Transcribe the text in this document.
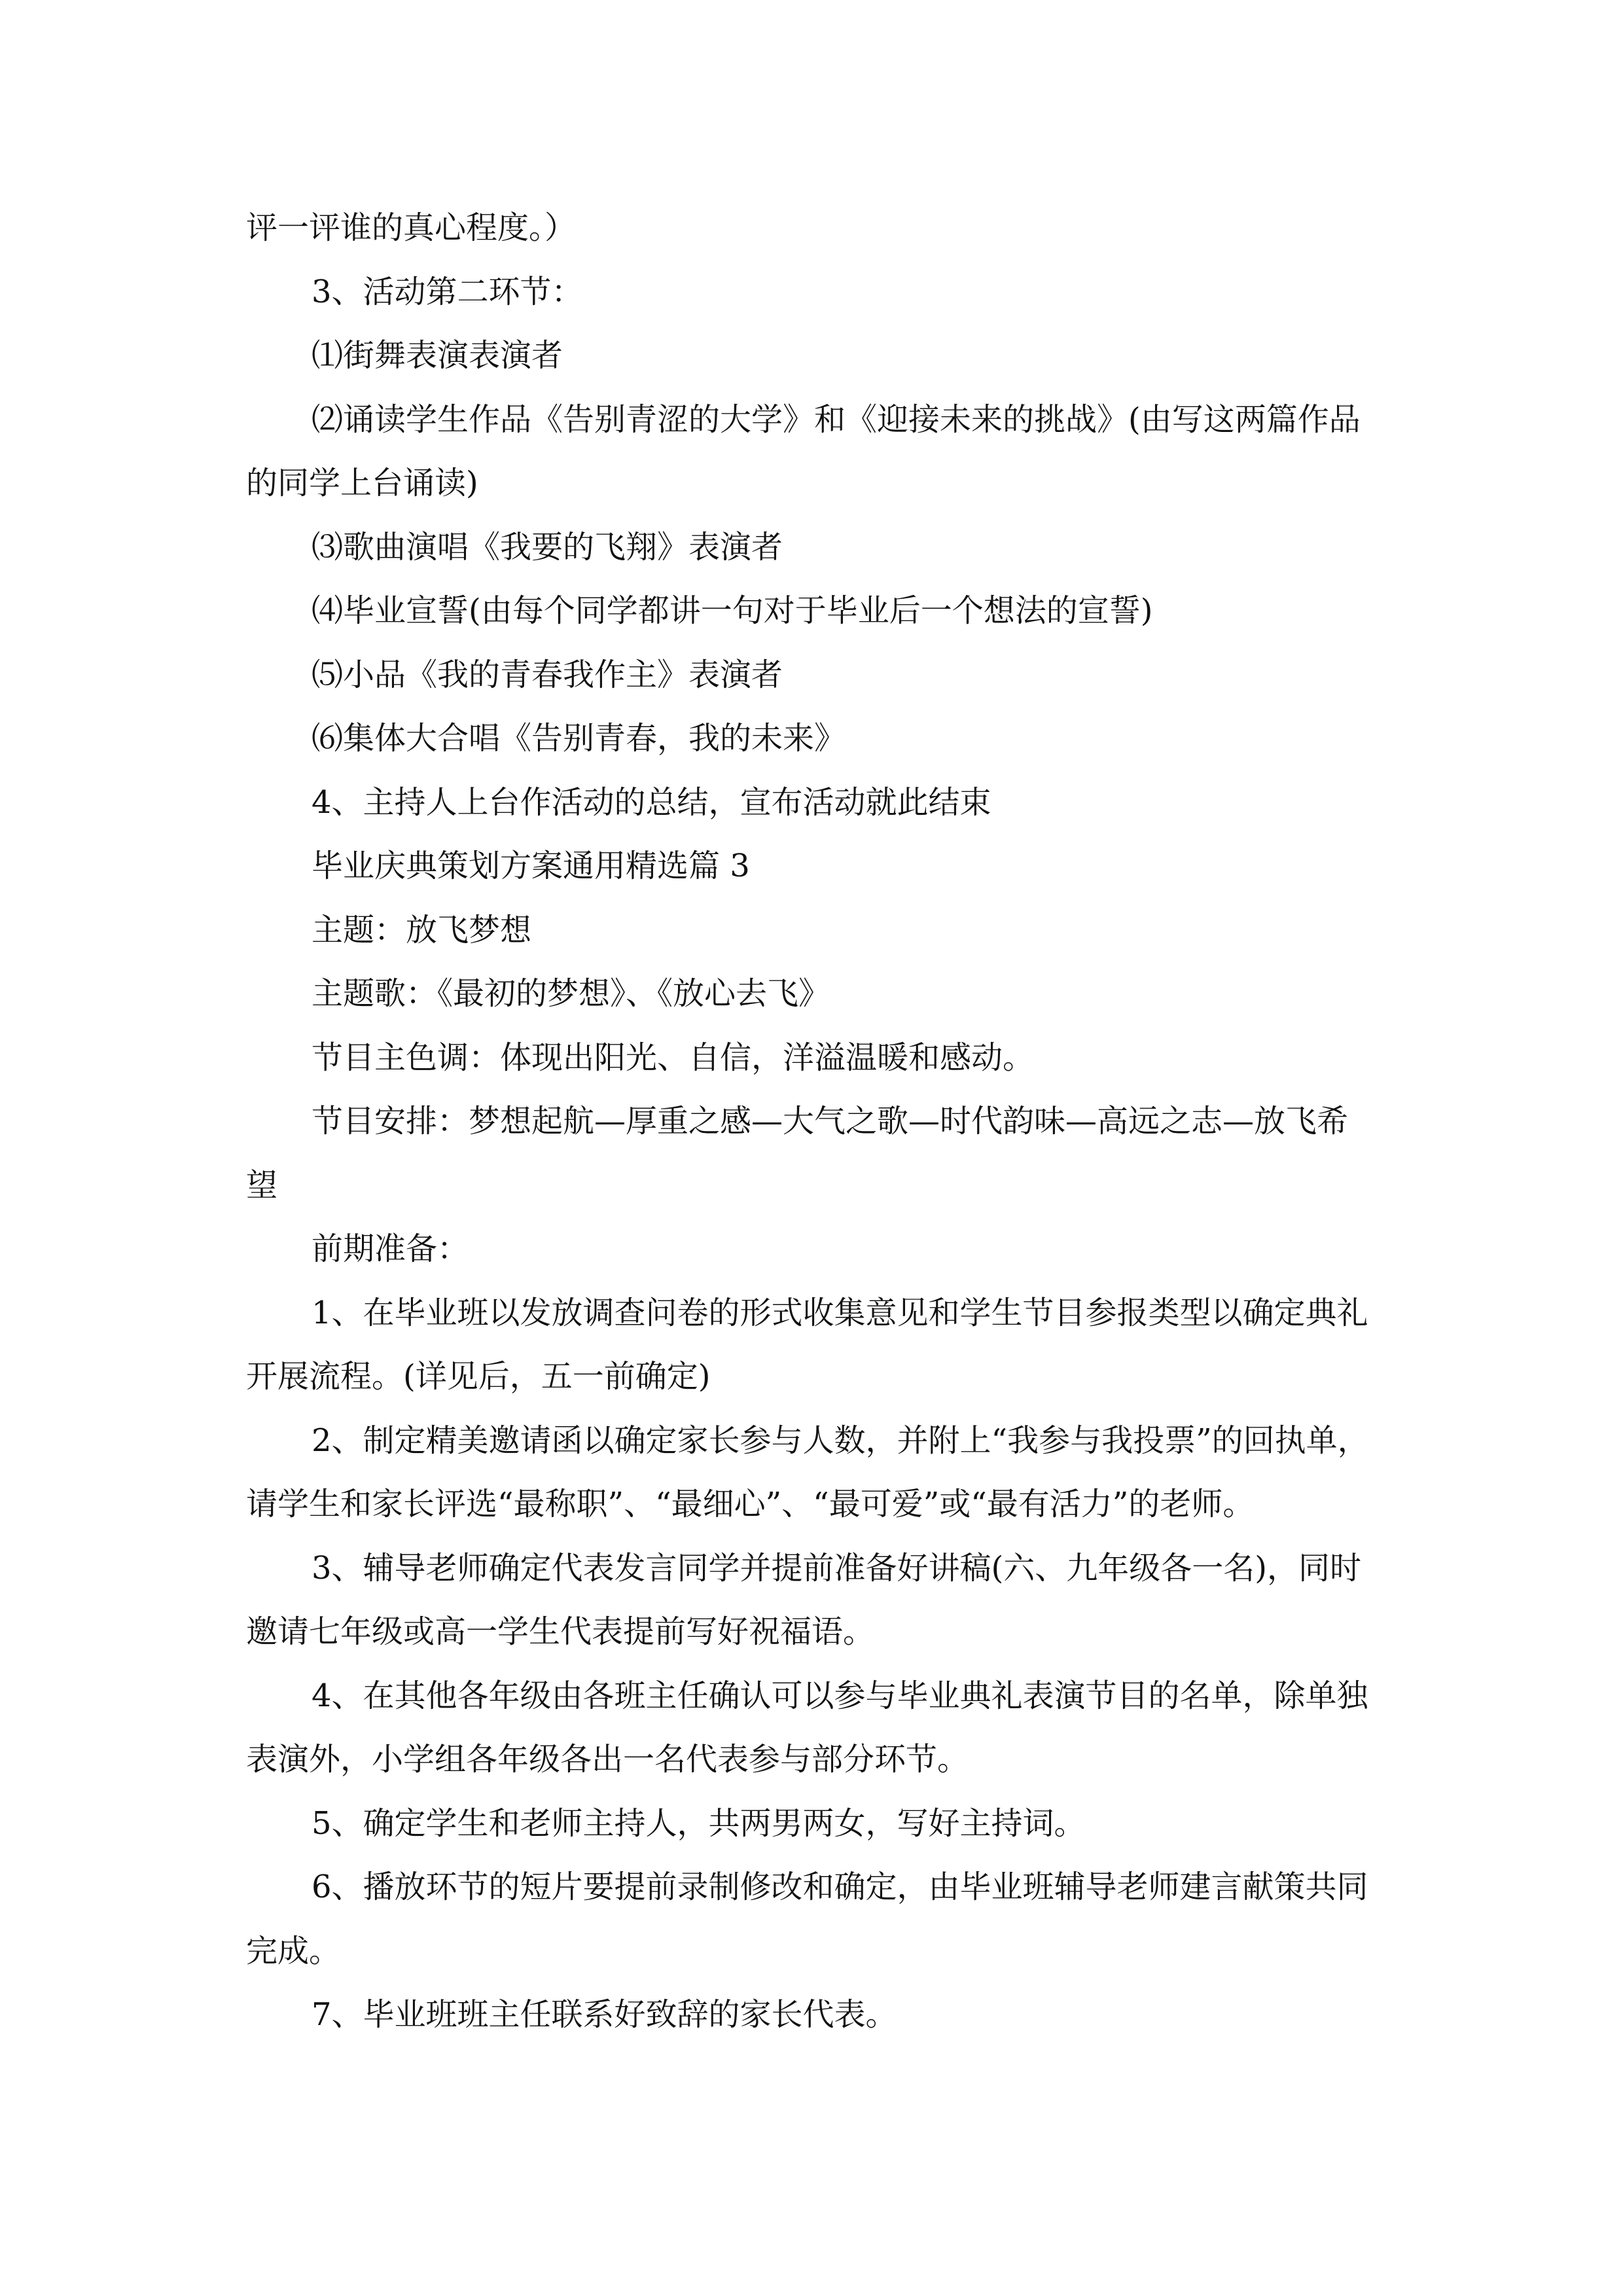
评一评谁的真心程度。）

3、活动第二环节：

⑴街舞表演表演者

⑵诵读学生作品《告别青涩的大学》和《迎接未来的挑战》(由写这两篇作品的同学上台诵读)

⑶歌曲演唱《我要的飞翔》表演者

⑷毕业宣誓(由每个同学都讲一句对于毕业后一个想法的宣誓)

⑸小品《我的青春我作主》表演者

⑹集体大合唱《告别青春，我的未来》

4、主持人上台作活动的总结，宣布活动就此结束

毕业庆典策划方案通用精选篇 3

主题：放飞梦想

主题歌：《最初的梦想》、《放心去飞》

节目主色调：体现出阳光、自信，洋溢温暖和感动。

节目安排：梦想起航—厚重之感—大气之歌—时代韵味—高远之志—放飞希望

前期准备：

1、在毕业班以发放调查问卷的形式收集意见和学生节目参报类型以确定典礼开展流程。(详见后，五一前确定)

2、制定精美邀请函以确定家长参与人数，并附上“我参与我投票”的回执单，请学生和家长评选“最称职”、“最细心”、“最可爱”或“最有活力”的老师。

3、辅导老师确定代表发言同学并提前准备好讲稿(六、九年级各一名)，同时邀请七年级或高一学生代表提前写好祝福语。

4、在其他各年级由各班主任确认可以参与毕业典礼表演节目的名单，除单独表演外，小学组各年级各出一名代表参与部分环节。

5、确定学生和老师主持人，共两男两女，写好主持词。

6、播放环节的短片要提前录制修改和确定，由毕业班辅导老师建言献策共同完成。

7、毕业班班主任联系好致辞的家长代表。
